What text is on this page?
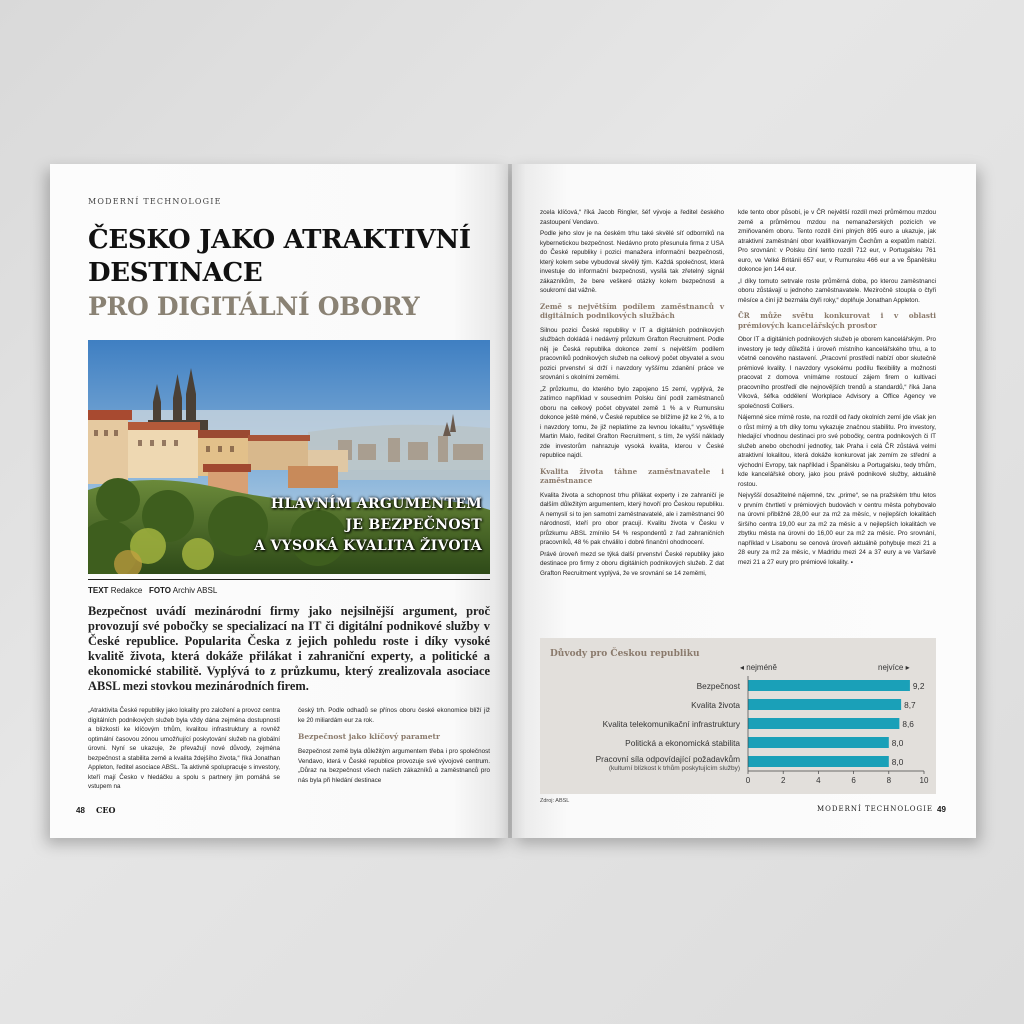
MODERNÍ TECHNOLOGIE
ČESKO JAKO ATRAKTIVNÍ
DESTINACE
PRO DIGITÁLNÍ OBORY
HLAVNÍM ARGUMENTEM
JE BEZPEČNOST
A VYSOKÁ KVALITA ŽIVOTA
TEXT Redakce FOTO Archiv ABSL
Bezpečnost uvádí mezinárodní firmy jako nejsilnější argument, proč provozují své pobočky se specializací na IT či digitální podnikové služby v České republice. Popularita Česka z jejich pohledu roste i díky vysoké kvalitě života, která dokáže přilákat i zahraniční experty, a politické a ekonomické stabilitě. Vyplývá to z průzkumu, který zrealizovala asociace ABSL mezi stovkou mezinárodních firem.

„Atraktivita České republiky jako lokality pro založení a provoz centra digitálních podnikových služeb byla vždy dána zejména dostupností a blízkostí ke klíčovým trhům, kvalitou infrastruktury a rovněž optimální časovou zónou umožňující poskytování služeb na globální úrovni. Nyní se ukazuje, že převažují nové důvody, zejména bezpečnost a stabilita země a kvalita ždejšího života,“ říká Jonathan Appleton, ředitel asociace ABSL. Ta aktivně spolupracuje s investory, kteří mají Česko v hledáčku a spolu s partnery jim pomáhá se vstupem na

český trh. Podle odhadů se přínos oboru české ekonomice blíží již ke 20 miliardám eur za rok.

Bezpečnost jako klíčový parametr

Bezpečnost země byla důležitým argumentem třeba i pro společnost Vendavo, která v České republice provozuje své vývojové centrum. „Důraz na bezpečnost všech našich zákazníků a zaměstnanců pro nás byla při hledání destinace

48 CEO

zcela klíčová,“ říká Jacob Ringler, šéf vývoje a ředitel českého zastoupení Vendavo.

Podle jeho slov je na českém trhu také skvělé síť odborníků na kybernetickou bezpečnost. Nedávno proto přesunula firma z USA do České republiky i pozici manažera informační bezpečnosti, který kolem sebe vybudoval skvělý tým. Každá společnost, která investuje do informační bezpečnosti, vysílá tak zřetelný signál zákazníkům, že bere veškeré otázky kolem bezpečnosti a soukromí dat vážně.

Země s největším podílem zaměstnanců v digitálních podnikových službách

Silnou pozici České republiky v IT a digitálních podnikových službách dokládá i nedávný průzkum Grafton Recruitment. Podle něj je Česká republika dokonce zemí s největším podílem pracovníků podnikových služeb na celkový počet obyvatel a svou pozici prvenství si drží i navzdory vyššímu zdanění práce ve srovnání s okolními zeměmi.

„Z průzkumu, do kterého bylo zapojeno 15 zemí, vyplývá, že zatímco například v sousedním Polsku činí podíl zaměstnanců oboru na celkový počet obyvatel země 1 % a v Rumunsku dokonce ještě méně, v České republice se blížíme již ke 2 %, a to i navzdory tomu, že již neplatíme za levnou lokalitu,“ vysvětluje Martin Malo, ředitel Grafton Recruitment, s tím, že vyšší náklady zde investorům nahrazuje vysoká kvalita, kterou v České republice najdí.

Kvalita života táhne zaměstnavatele i zaměstnance

Kvalita života a schopnost trhu přilákat experty i ze zahraničí je dalším důležitým argumentem, který hovoří pro Českou republiku. A nemyslí si to jen samotní zaměstnavatelé, ale i zaměstnanci 90 národností, kteří pro obor pracují. Kvalitu života v Česku v průzkumu ABSL zmínilo 54 % respondentů z řad zahraničních pracovníků, 48 % pak chválilo i dobré finanční ohodnocení.

Právě úroveň mezd se týká další prvenství České republiky jako destinace pro firmy z oboru digitálních podnikových služeb. Z dat Grafton Recruitment vyplývá, že ve srovnání se 14 zeměmi,

kde tento obor působí, je v ČR největší rozdíl mezi průměrnou mzdou země a průměrnou mzdou na nemanažerských pozicích ve zmiňovaném oboru. Tento rozdíl činí plných 895 euro a ukazuje, jak atraktivní zaměstnání obor kvalifikovaným Čechům a expatům nabízí. Pro srovnání: v Polsku činí tento rozdíl 712 eur, v Portugalsku 761 euro, ve Velké Británii 657 eur, v Rumunsku 466 eur a ve Španělsku dokonce jen 144 eur.

„I díky tomuto setrvale roste průměrná doba, po kterou zaměstnanci oboru zůstávají u jednoho zaměstnavatele. Meziročně stoupla o čtyři měsíce a činí již bezmála čtyři roky,“ doplňuje Jonathan Appleton.

ČR může světu konkurovat i v oblasti prémiových kancelářských prostor

Obor IT a digitálních podnikových služeb je oborem kancelářským. Pro investory je tedy důležitá i úroveň místního kancelářského trhu, a to včetně cenového nastavení. „Pracovní prostředí nabízí obor skutečně prémiové kvality. I navzdory vysokému podílu flexibility a možnosti pracovat z domova vnímáme rostoucí zájem firem o kultivaci pracovního prostředí dle nejnovějších trendů a standardů,“ říká Jana Víková, šéfka oddělení Workplace Advisory a Office Agency ve společnosti Colliers.

Nájemné sice mírně roste, na rozdíl od řady okolních zemí jde však jen o růst mírný a trh díky tomu vykazuje značnou stabilitu. Pro investory, hledající vhodnou destinaci pro své pobočky, centra podnikových či IT služeb anebo obchodní jednotky, tak Praha i celá ČR zůstává velmi atraktivní lokalitou, která dokáže konkurovat jak zemím ze střední a východní Evropy, tak například i Španělsku a Portugalsku, tedy trhům, kde kancelářské obory, jako jsou právě podnikové služby, aktuálně rostou.

Nejvyšší dosažitelné nájemné, tzv. „prime“, se na pražském trhu letos v prvním čtvrtletí v prémiových budovách v centru města pohybovalo na úrovni přibližně 28,00 eur za m2 za měsíc, v nejlepších lokalitách širšího centra 19,00 eur za m2 za měsíc a v nejlepších lokalitách ve zbytku města na úrovni do 16,00 eur za m2 za měsíc. Pro srovnání, například v Lisabonu se cenová úroveň aktuálně pohybuje mezi 21 a 28 eury za m2 za měsíc, v Madridu mezi 24 a 37 eury a ve Varšavě mezi 21 a 27 eury pro prémiové lokality. ▪

Důvody pro Českou republiku
◂ nejméně	nejvíce ▸
Bezpečnost	9,2
Kvalita života	8,7
Kvalita telekomunikační infrastruktury	8,6
Politická a ekonomická stabilita	8,0
Pracovní síla odpovídající požadavkům
(kulturní blízkost k trhům poskytujícím služby)
8,0
0	2	4	6	8	10
Zdroj: ABSL
MODERNÍ TECHNOLOGIE 49
